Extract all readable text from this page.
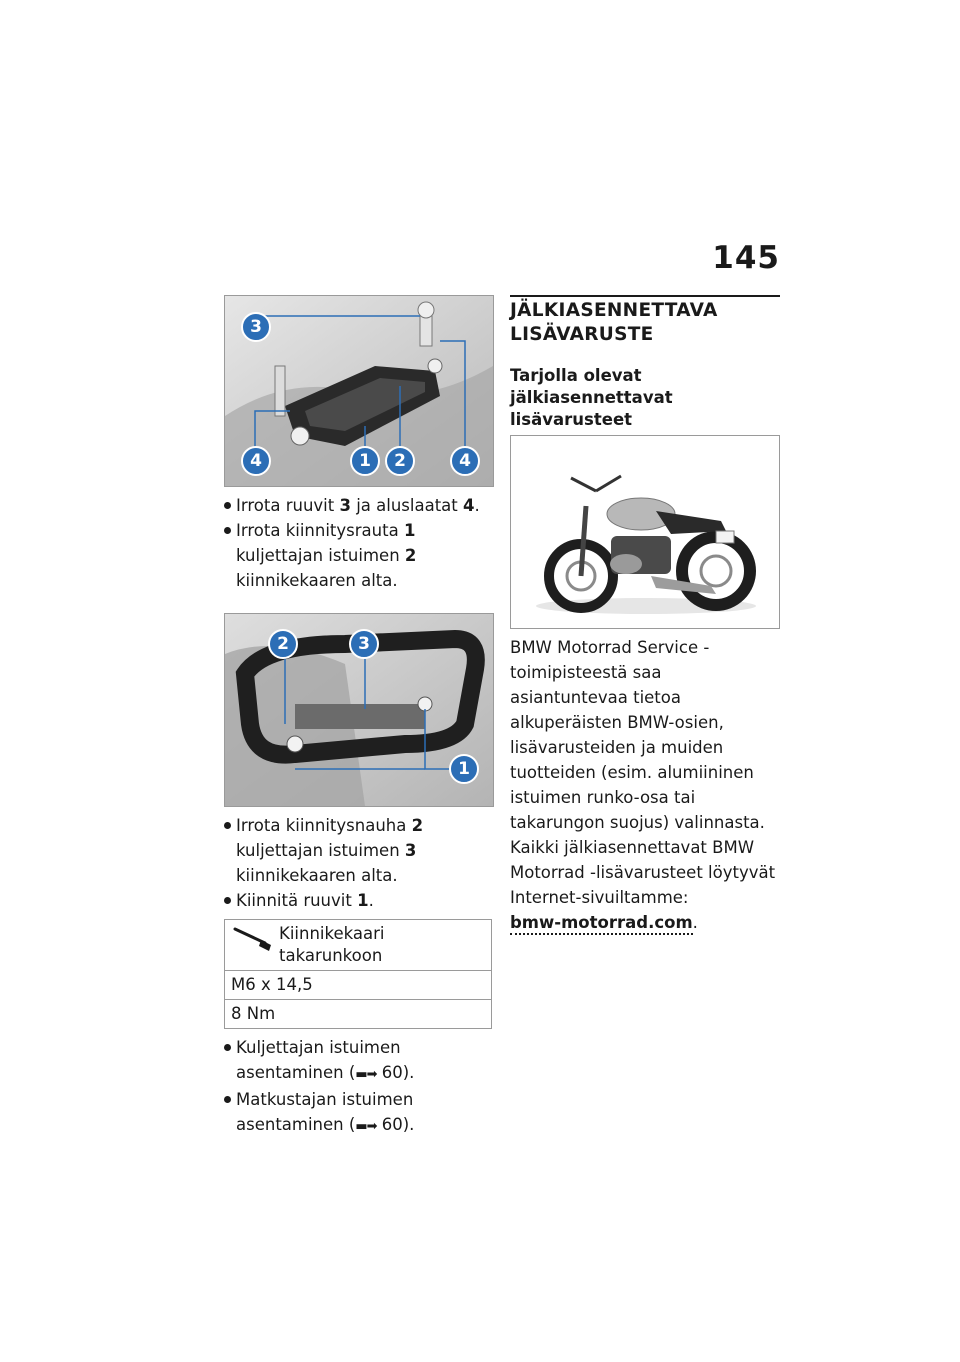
145
3
4	1	2	4
Irrota ruuvit 3 ja aluslaatat 4.
Irrota kiinnitysrauta 1 kuljettajan istuimen 2 kiinnikekaaren alta.
2	3
1
Irrota kiinnitysnauha 2 kuljettajan istuimen 3 kiinnikekaaren alta.
Kiinnitä ruuvit 1.
Kiinnikekaari takarunkoon

M6 x 14,5
8 Nm
Kuljettajan istuimen asentaminen (▬➡ 60).
Matkustajan istuimen asentaminen (▬➡ 60).
JÄLKIASENNETTAVA LISÄVARUSTE
Tarjolla olevat jälkiasennettavat lisävarusteet

BMW Motorrad Service -toimipisteestä saa asiantuntevaa tietoa alkuperäisten BMW-osien, lisävarusteiden ja muiden tuotteiden (esim. alumiininen istuimen runko-osa tai takarungon suojus) valinnasta.

Kaikki jälkiasennettavat BMW Motorrad -lisävarusteet löytyvät Internet-sivuiltamme:

bmw-motorrad.com.
